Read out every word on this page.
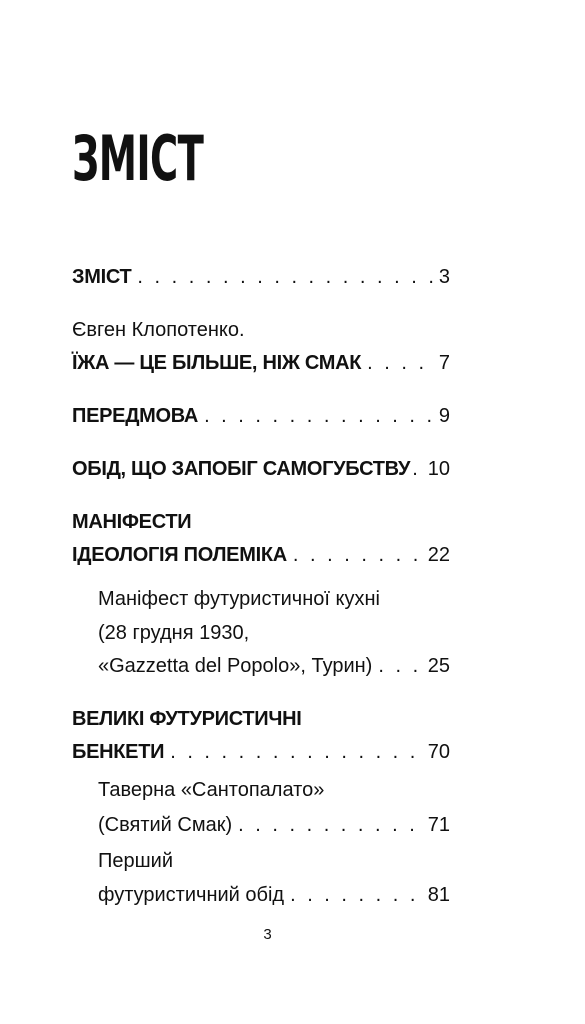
ЗМІСТ
ЗМІСТ . . .	3
Євген Клопотенко.
ЇЖА — ЦЕ БІЛЬШЕ, НІЖ СМАК . . .	7
ПЕРЕДМОВА . . .	9
ОБІД, ЩО ЗАПОБІГ САМОГУБСТВУ . . . 10
МАНІФЕСТИ
ІДЕОЛОГІЯ ПОЛЕМІКА . . .	22
Маніфест футуристичної кухні
(28 грудня 1930,
«Gazzetta del Popolo», Турин) . . .	25
ВЕЛИКІ ФУТУРИСТИЧНІ
БЕНКЕТИ . . .	70
Таверна «Сантопалато»
(Святий Смак) . . .	71
Перший
футуристичний обід . . .	81
3
